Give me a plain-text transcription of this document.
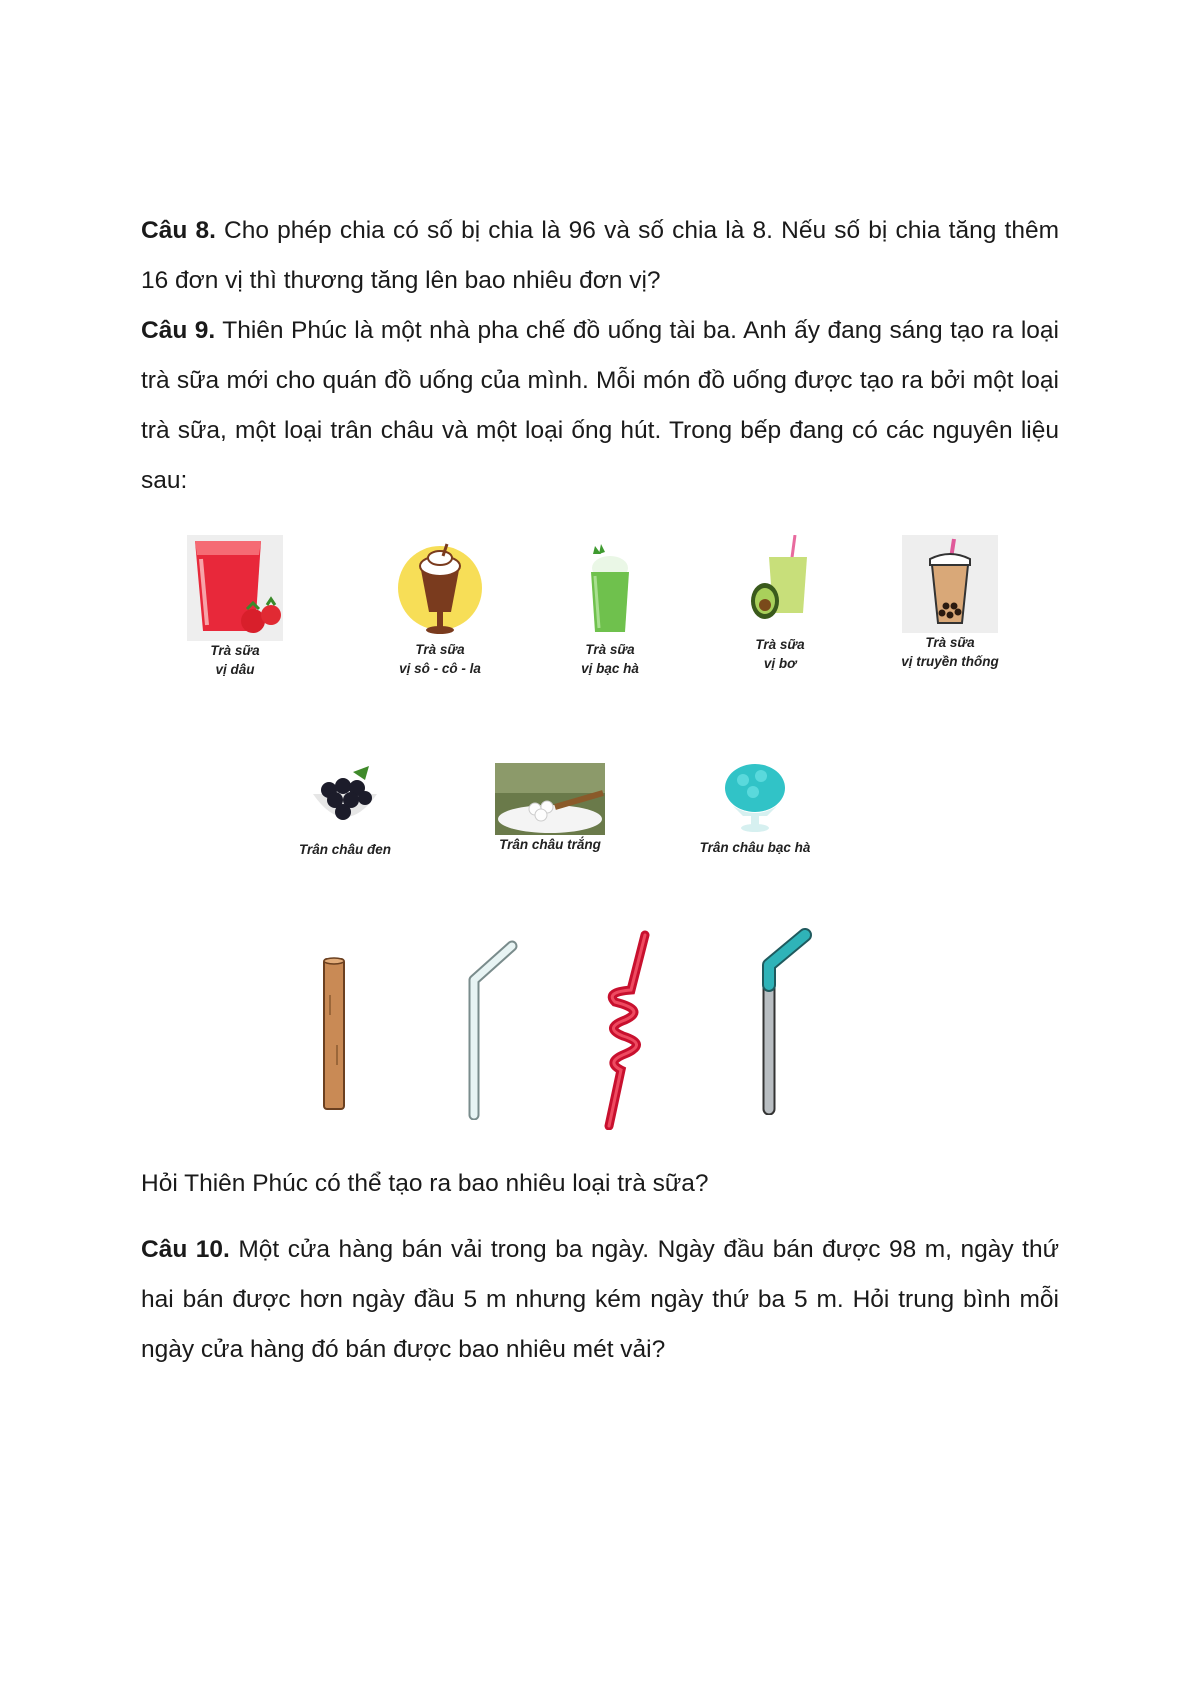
Câu 8. Cho phép chia có số bị chia là 96 và số chia là 8. Nếu số bị chia tăng thêm 16 đơn vị thì thương tăng lên bao nhiêu đơn vị?

Câu 9. Thiên Phúc là một nhà pha chế đồ uống tài ba. Anh ấy đang sáng tạo ra loại trà sữa mới cho quán đồ uống của mình. Mỗi món đồ uống được tạo ra bởi một loại trà sữa, một loại trân châu và một loại ống hút. Trong bếp đang có các nguyên liệu sau:

Trà sữa
vị dâu
Trà sữa
vị sô - cô - la
Trà sữa
vị bạc hà
Trà sữa
vị bơ
Trà sữa
vị truyền thống
Trân châu đen	Trân châu trắng	Trân châu bạc hà

Hỏi Thiên Phúc có thể tạo ra bao nhiêu loại trà sữa?

Câu 10. Một cửa hàng bán vải trong ba ngày. Ngày đầu bán được 98 m, ngày thứ hai bán được hơn ngày đầu 5 m nhưng kém ngày thứ ba 5 m. Hỏi trung bình mỗi ngày cửa hàng đó bán được bao nhiêu mét vải?
